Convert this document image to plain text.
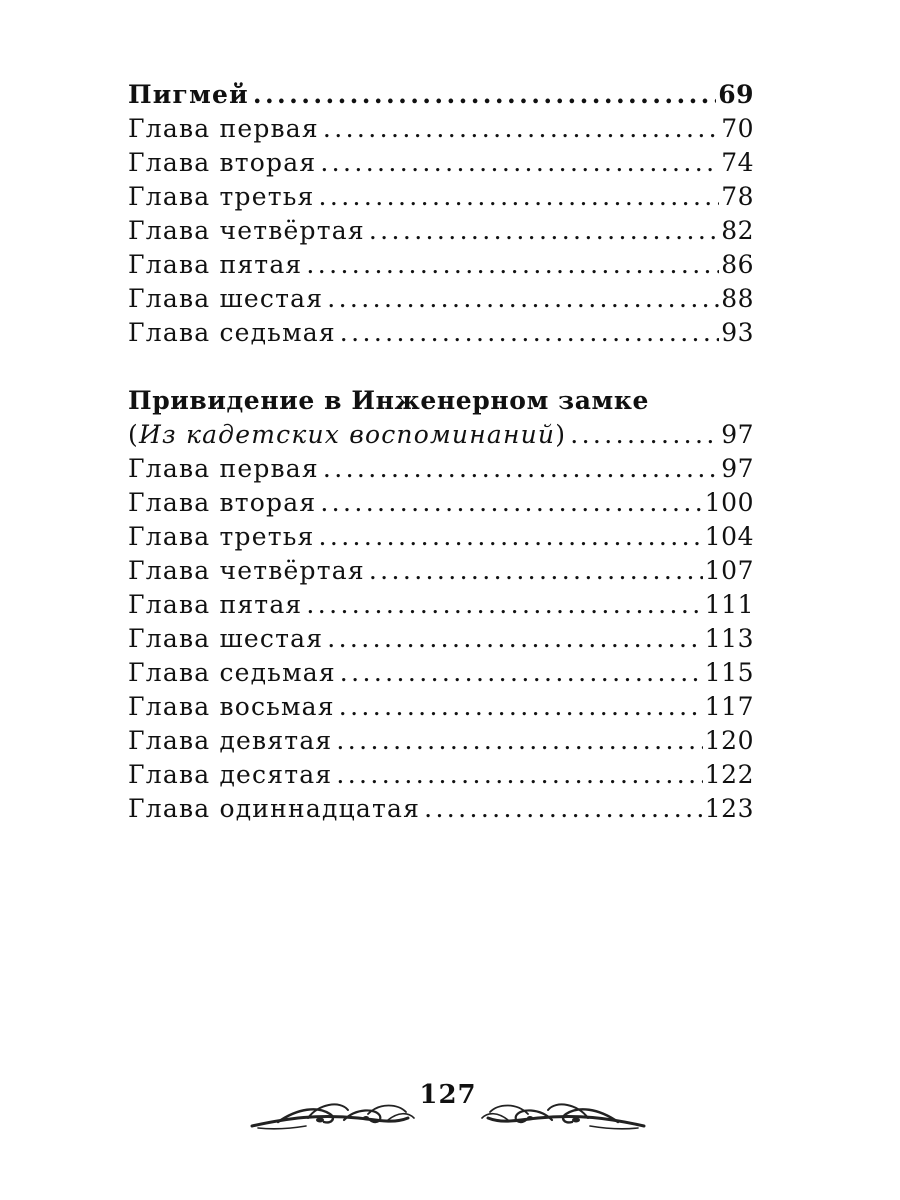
Пигмей .....	69
Глава первая .....	70
Глава вторая .....	74
Глава третья .....	78
Глава четвёртая .....	82
Глава пятая .....	86
Глава шестая .....	88
Глава седьмая .....	93
Привидение в Инженерном замке
(Из кадетских воспоминаний) .....	97
Глава первая .....	97
Глава вторая .....	100
Глава третья .....	104
Глава четвёртая .....	107
Глава пятая .....	111
Глава шестая .....	113
Глава седьмая .....	115
Глава восьмая .....	117
Глава девятая .....	120
Глава десятая .....	122
Глава одиннадцатая .....	123
127
